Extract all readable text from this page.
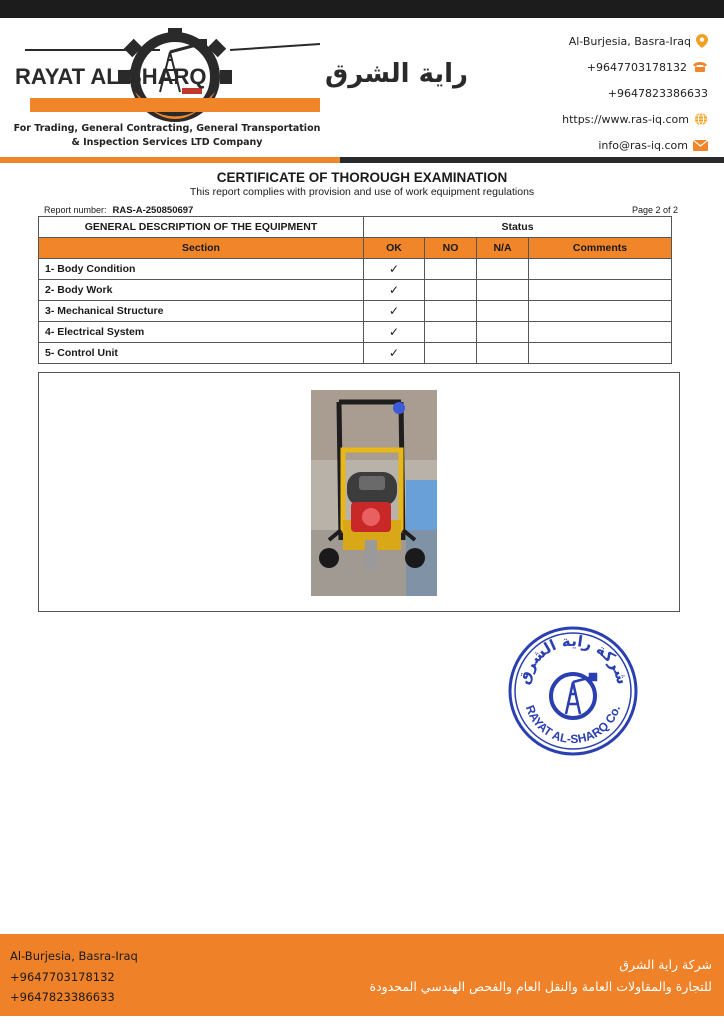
RAYAT AL-SHARQ	راية الشرق
For Trading, General Contracting, General Transportation
& Inspection Services LTD Company
Al-Burjesia, Basra-Iraq
+9647703178132
+9647823386633
https://www.ras-iq.com
info@ras-iq.com
CERTIFICATE OF THOROUGH EXAMINATION
This report complies with provision and use of work equipment regulations
Report number: RAS-A-250850697	Page 2 of 2
GENERAL DESCRIPTION OF THE EQUIPMENT	Status			
Section	OK	NO	N/A	Comments
1- Body Condition	✓			
2- Body Work	✓			
3- Mechanical Structure	✓			
4- Electrical System	✓			
5- Control Unit	✓			
شركة راية الشرق
RAYAT AL-SHARQ Co.
Al-Burjesia, Basra-Iraq
+9647703178132
+9647823386633
شركة راية الشرق
للتجارة والمقاولات العامة والنقل العام والفحص الهندسي المحدودة
